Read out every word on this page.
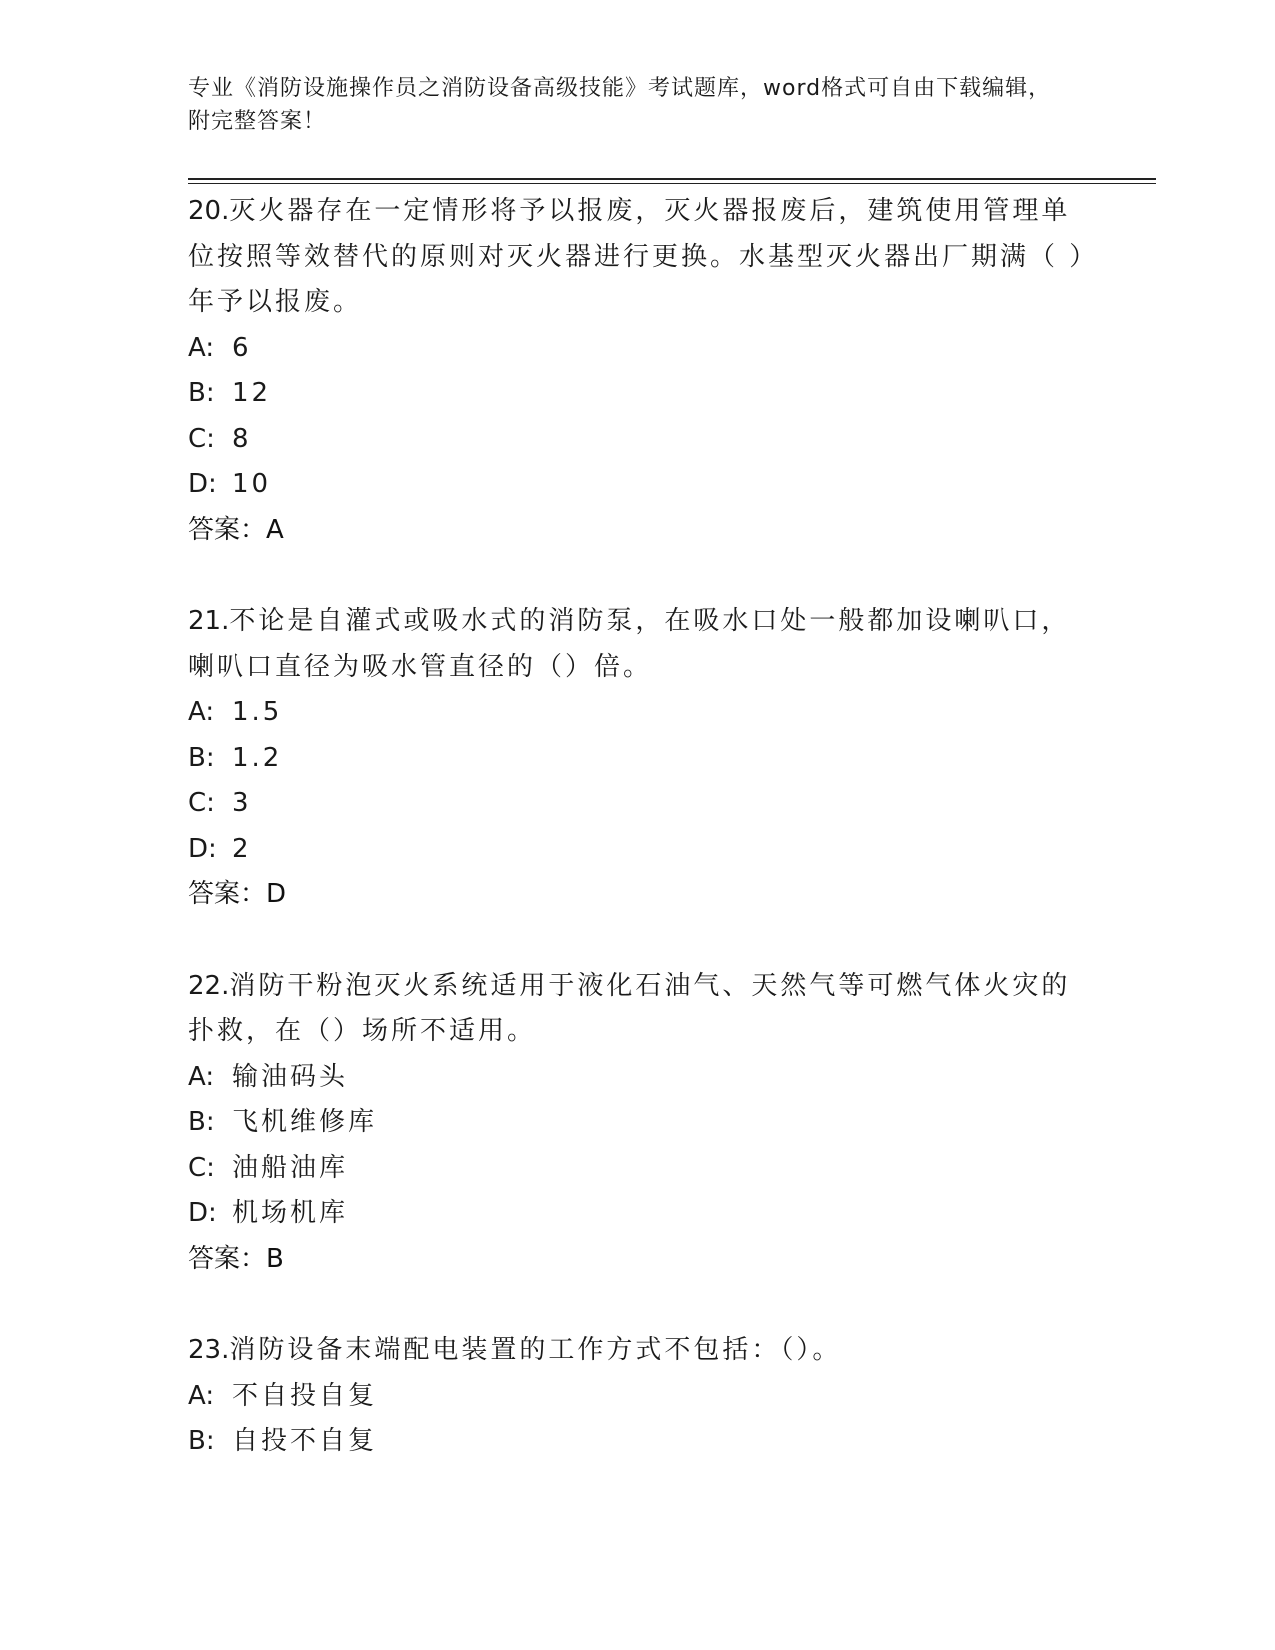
专业《消防设施操作员之消防设备高级技能》考试题库，word格式可自由下载编辑，附完整答案！

20.灭火器存在一定情形将予以报废，灭火器报废后，建筑使用管理单位按照等效替代的原则对灭火器进行更换。水基型灭火器出厂期满（ ）年予以报废。

A: 6

B: 12

C: 8

D: 10

答案：A

21.不论是自灌式或吸水式的消防泵，在吸水口处一般都加设喇叭口，喇叭口直径为吸水管直径的（）倍。

A: 1.5

B: 1.2

C: 3

D: 2

答案：D

22.消防干粉泡灭火系统适用于液化石油气、天然气等可燃气体火灾的扑救，在（）场所不适用。

A: 输油码头

B: 飞机维修库

C: 油船油库

D: 机场机库

答案：B

23.消防设备末端配电装置的工作方式不包括：（）。

A: 不自投自复

B: 自投不自复
